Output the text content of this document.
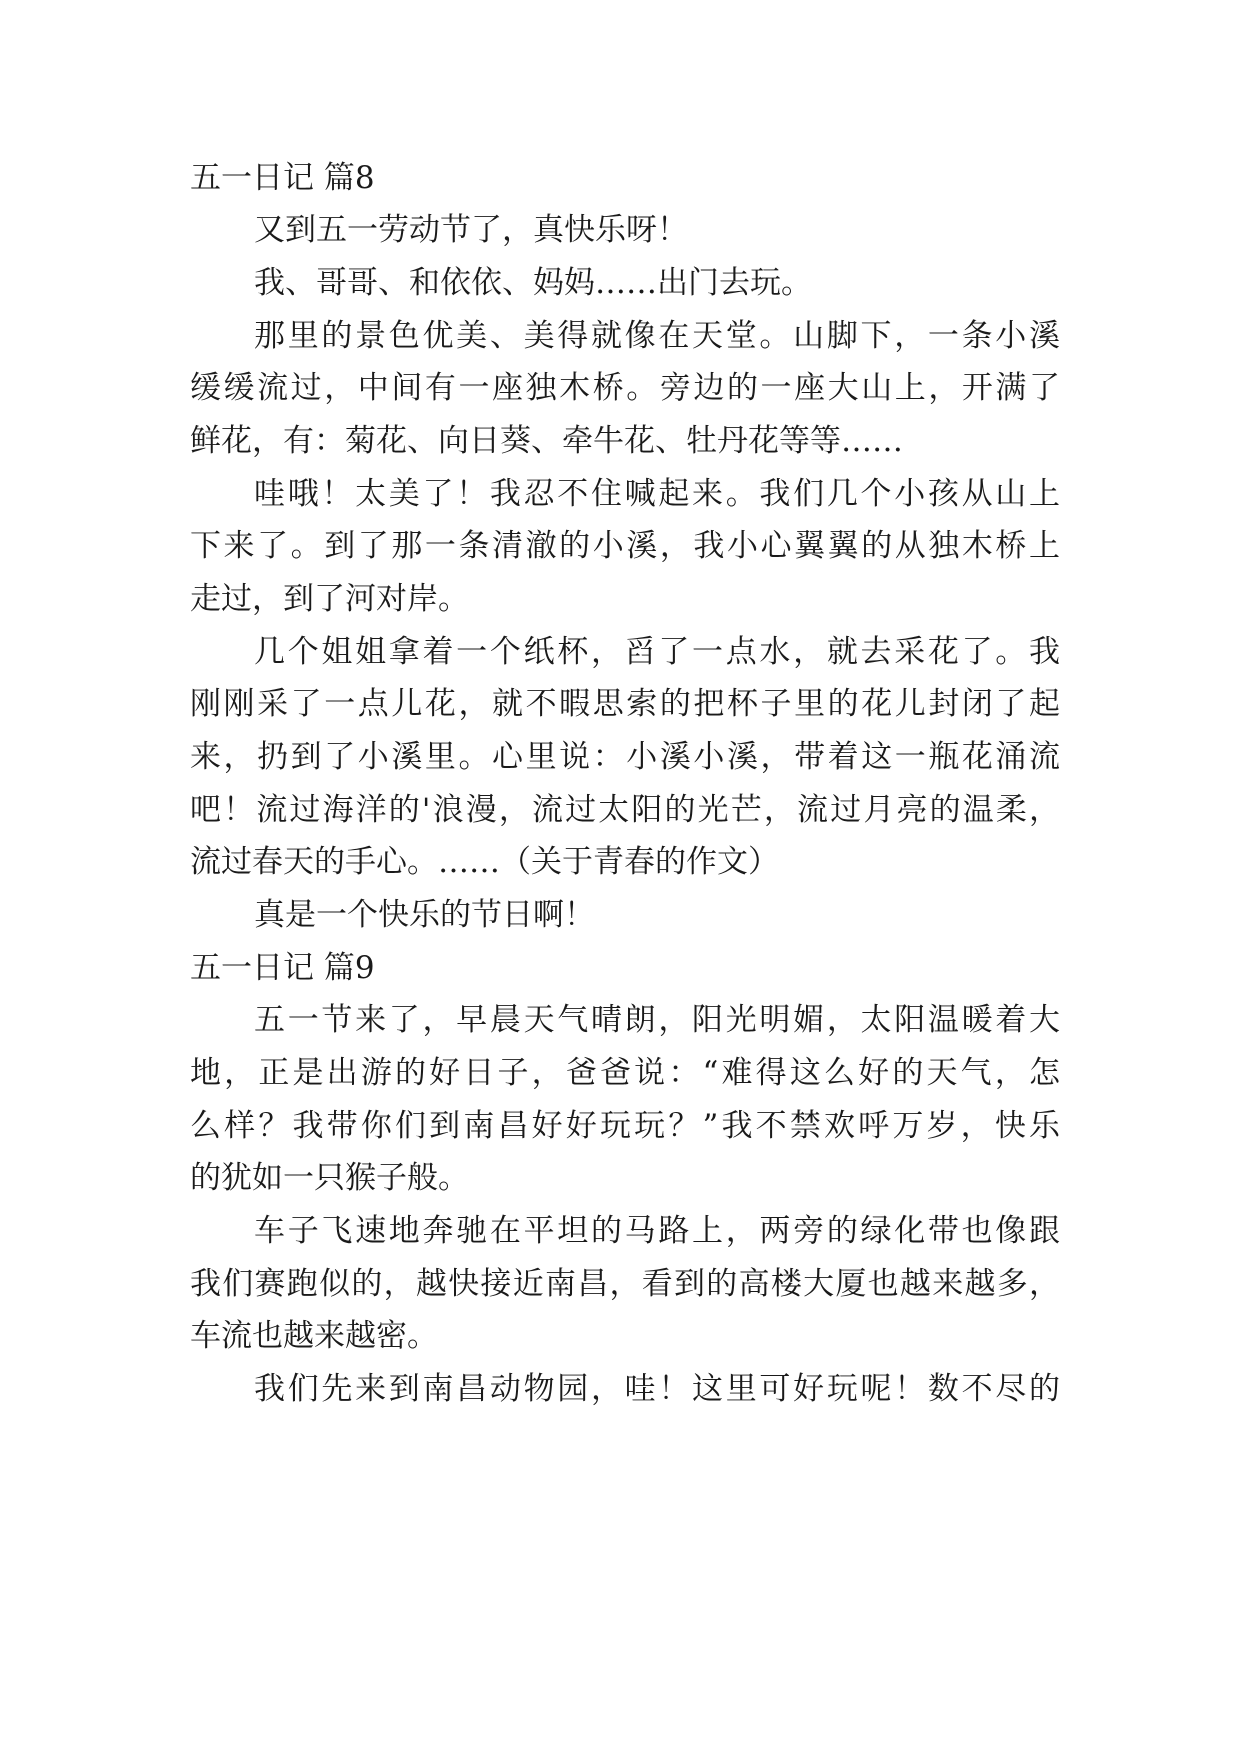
五一日记 篇8
又到五一劳动节了，真快乐呀！
我、哥哥、和依依、妈妈……出门去玩。
那里的景色优美、美得就像在天堂。山脚下，一条小溪
缓缓流过，中间有一座独木桥。旁边的一座大山上，开满了
鲜花，有：菊花、向日葵、牵牛花、牡丹花等等……
哇哦！太美了！我忍不住喊起来。我们几个小孩从山上
下来了。到了那一条清澈的小溪，我小心翼翼的从独木桥上
走过，到了河对岸。
几个姐姐拿着一个纸杯，舀了一点水，就去采花了。我
刚刚采了一点儿花，就不暇思索的把杯子里的花儿封闭了起
来，扔到了小溪里。心里说：小溪小溪，带着这一瓶花涌流
吧！流过海洋的'浪漫，流过太阳的光芒，流过月亮的温柔，
流过春天的手心。……（关于青春的作文）
真是一个快乐的节日啊！
五一日记 篇9
五一节来了，早晨天气晴朗，阳光明媚，太阳温暖着大
地，正是出游的好日子，爸爸说：“难得这么好的天气，怎
么样？我带你们到南昌好好玩玩？”我不禁欢呼万岁，快乐
的犹如一只猴子般。
车子飞速地奔驰在平坦的马路上，两旁的绿化带也像跟
我们赛跑似的，越快接近南昌，看到的高楼大厦也越来越多，
车流也越来越密。
我们先来到南昌动物园，哇！这里可好玩呢！数不尽的
